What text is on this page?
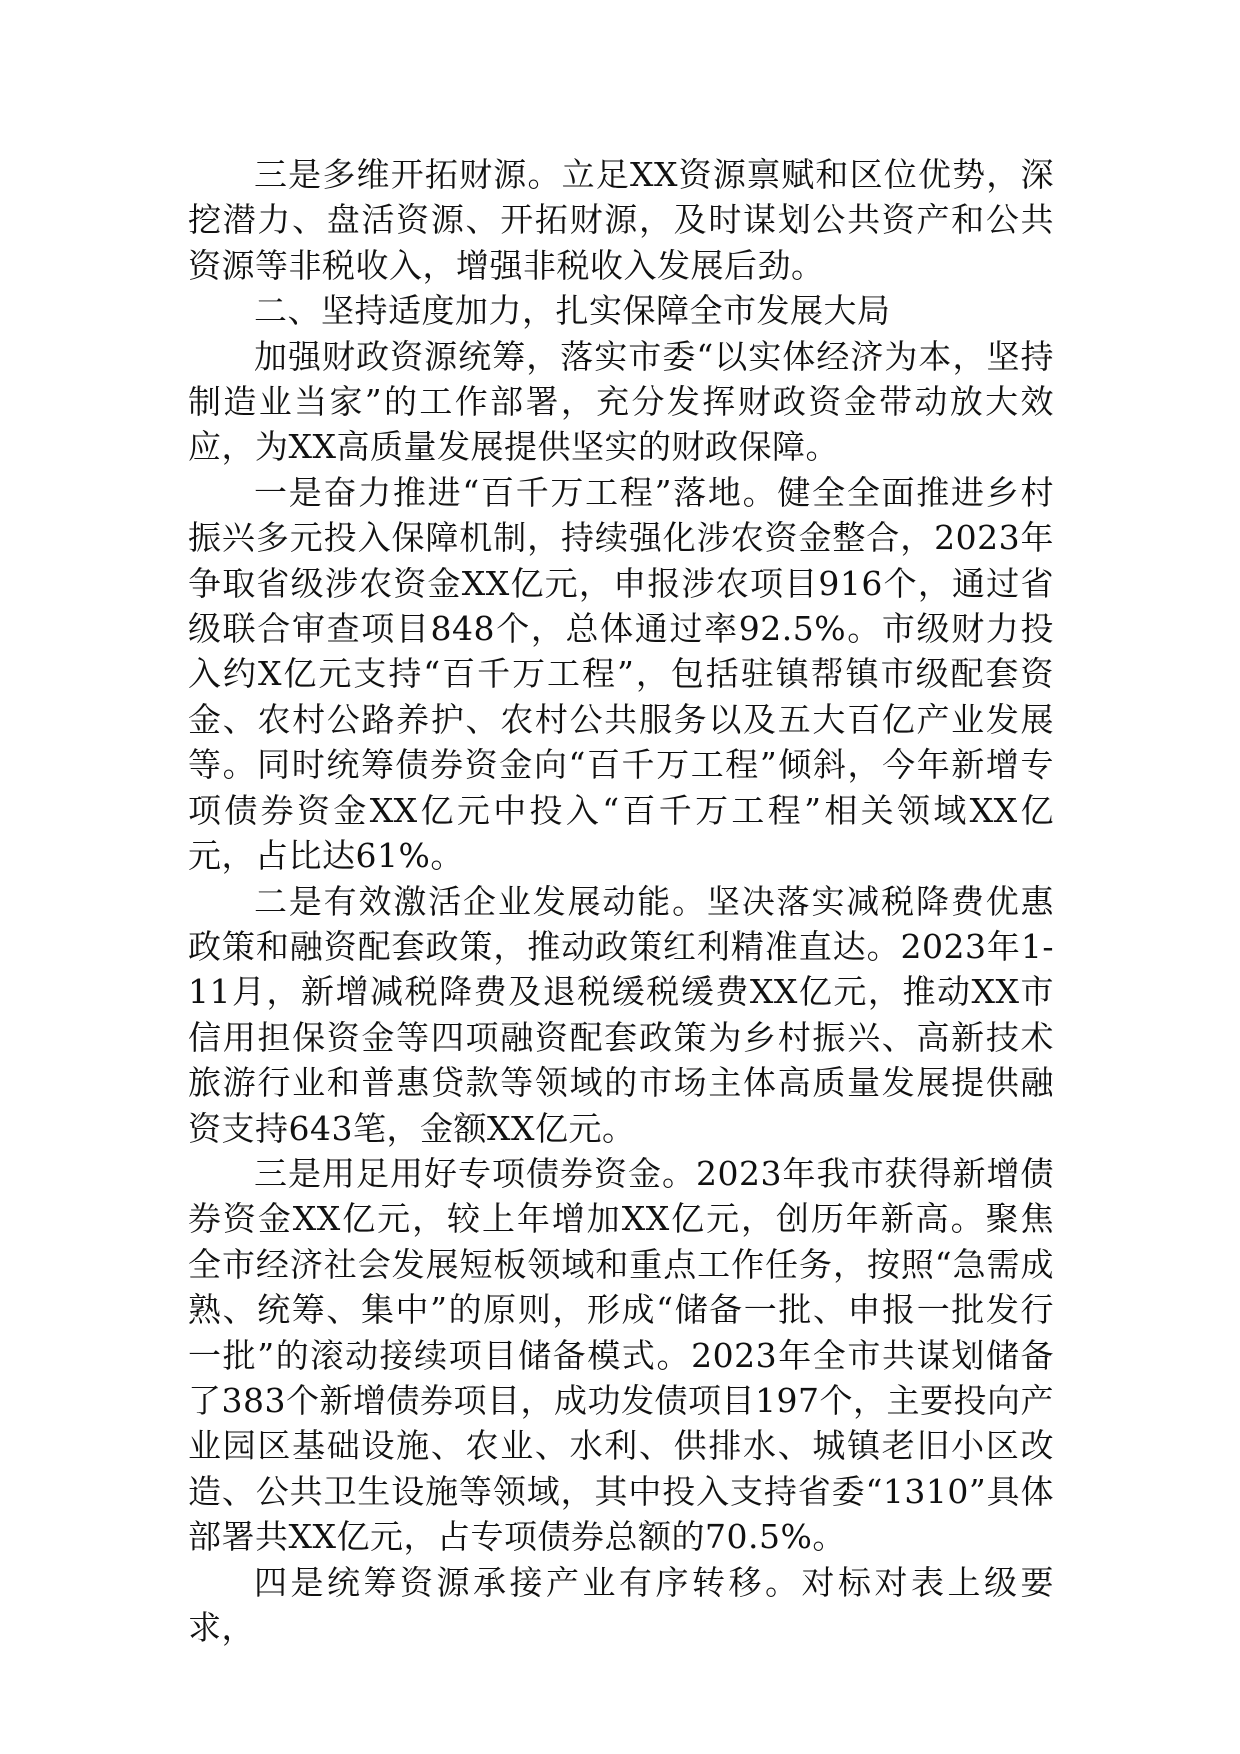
三是多维开拓财源。立足XX资源禀赋和区位优势，深挖潜力、盘活资源、开拓财源，及时谋划公共资产和公共资源等非税收入，增强非税收入发展后劲。

二、坚持适度加力，扎实保障全市发展大局

加强财政资源统筹，落实市委“以实体经济为本，坚持制造业当家”的工作部署，充分发挥财政资金带动放大效应，为XX高质量发展提供坚实的财政保障。

一是奋力推进“百千万工程”落地。健全全面推进乡村振兴多元投入保障机制，持续强化涉农资金整合，2023年争取省级涉农资金XX亿元，申报涉农项目916个，通过省级联合审查项目848个，总体通过率92.5%。市级财力投入约X亿元支持“百千万工程”，包括驻镇帮镇市级配套资金、农村公路养护、农村公共服务以及五大百亿产业发展等。同时统筹债券资金向“百千万工程”倾斜，今年新增专项债券资金XX亿元中投入“百千万工程”相关领域XX亿元，占比达61%。

二是有效激活企业发展动能。坚决落实减税降费优惠政策和融资配套政策，推动政策红利精准直达。2023年1-11月，新增减税降费及退税缓税缓费XX亿元，推动XX市信用担保资金等四项融资配套政策为乡村振兴、高新技术旅游行业和普惠贷款等领域的市场主体高质量发展提供融资支持643笔，金额XX亿元。

三是用足用好专项债券资金。2023年我市获得新增债券资金XX亿元，较上年增加XX亿元，创历年新高。聚焦全市经济社会发展短板领域和重点工作任务，按照“急需成熟、统筹、集中”的原则，形成“储备一批、申报一批发行一批”的滚动接续项目储备模式。2023年全市共谋划储备了383个新增债券项目，成功发债项目197个，主要投向产业园区基础设施、农业、水利、供排水、城镇老旧小区改造、公共卫生设施等领域，其中投入支持省委“1310”具体部署共XX亿元，占专项债券总额的70.5%。

四是统筹资源承接产业有序转移。对标对表上级要求，
